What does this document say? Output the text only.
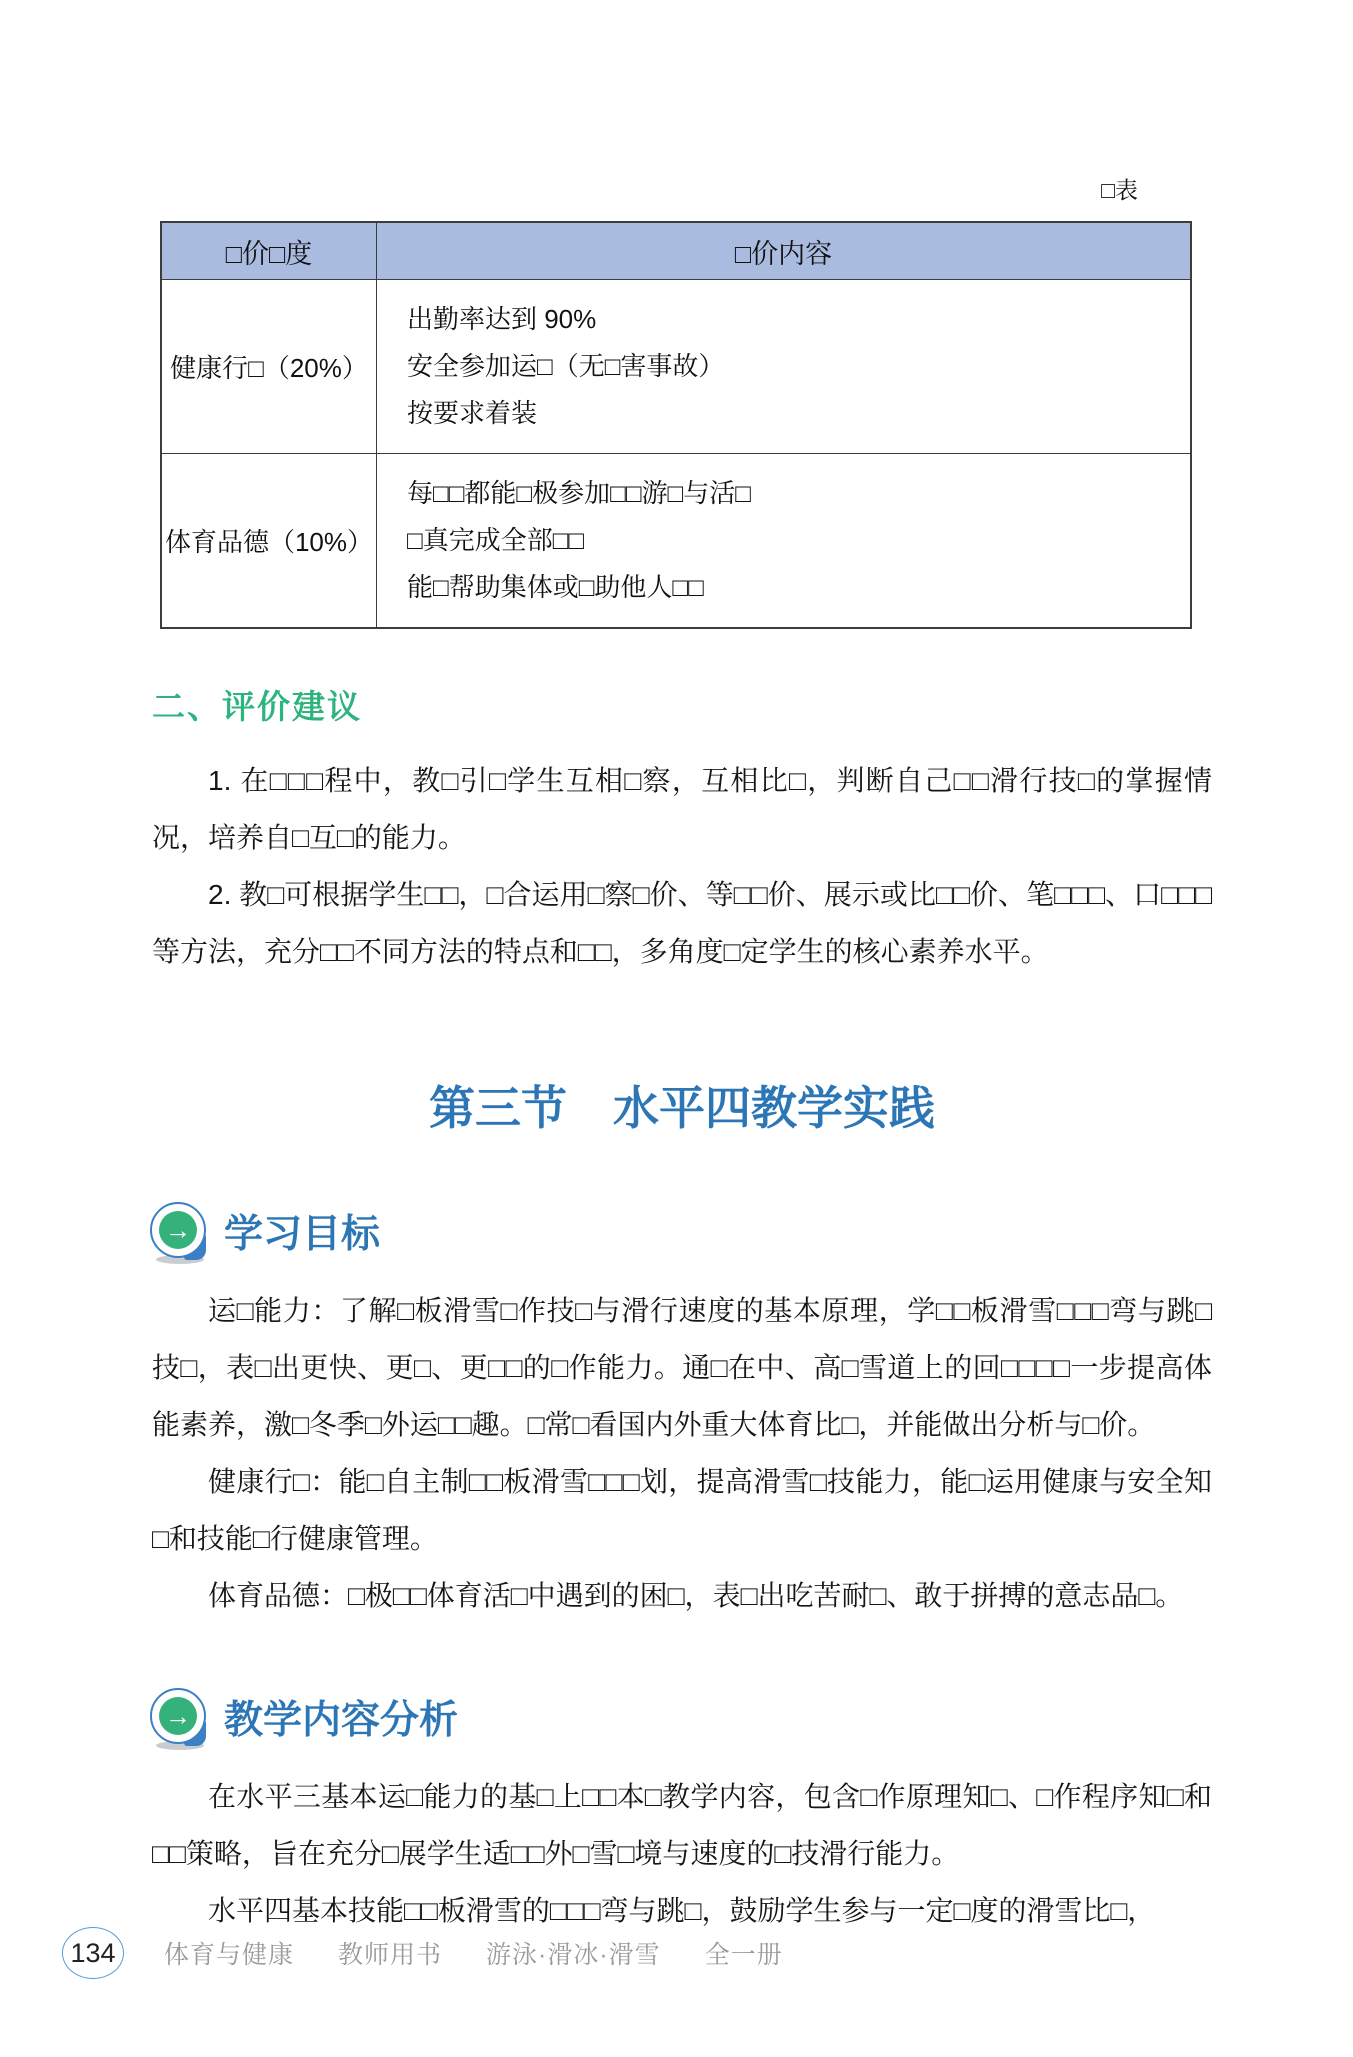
□表
□价□度	□价内容
健康行□（20%）	出勤率达到 90%
安全参加运□（无□害事故）
按要求着装

体育品德（10%）	每□□都能□极参加□□游□与活□
□真完成全部□□
能□帮助集体或□助他人□□
二、评价建议

1. 在□□□程中，教□引□学生互相□察，互相比□，判断自己□□滑行技□的掌握情况，培养自□互□的能力。

2. 教□可根据学生□□，□合运用□察□价、等□□价、展示或比□□价、笔□□□、口□□□等方法，充分□□不同方法的特点和□□，多角度□定学生的核心素养水平。

第三节　水平四教学实践
→ 学习目标

运□能力：了解□板滑雪□作技□与滑行速度的基本原理，学□□板滑雪□□□弯与跳□技□，表□出更快、更□、更□□的□作能力。通□在中、高□雪道上的回□□□□一步提高体能素养，激□冬季□外运□□趣。□常□看国内外重大体育比□，并能做出分析与□价。

健康行□：能□自主制□□板滑雪□□□划，提高滑雪□技能力，能□运用健康与安全知□和技能□行健康管理。

体育品德：□极□□体育活□中遇到的困□，表□出吃苦耐□、敢于拼搏的意志品□。

→ 教学内容分析

在水平三基本运□能力的基□上□□本□教学内容，包含□作原理知□、□作程序知□和□□策略，旨在充分□展学生适□□外□雪□境与速度的□技滑行能力。

水平四基本技能□□板滑雪的□□□弯与跳□，鼓励学生参与一定□度的滑雪比□，

134	体育与健康 教师用书 游泳·滑冰·滑雪 全一册
